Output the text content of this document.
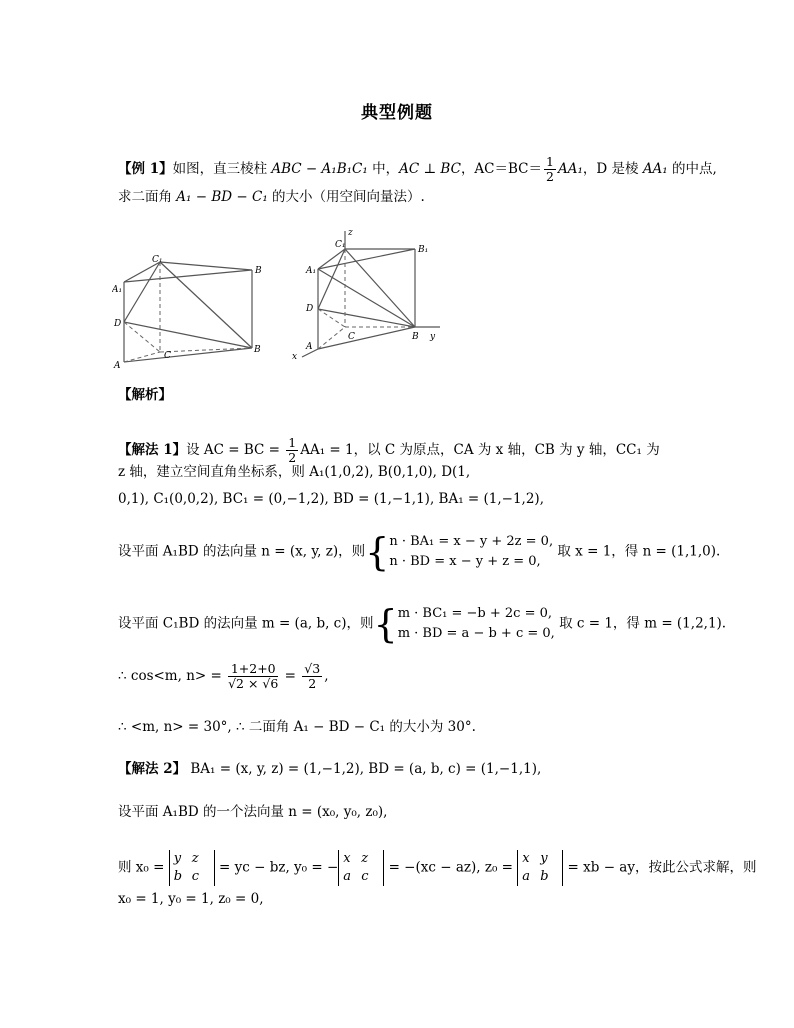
典型例题
【例 1】如图，直三棱柱 ABC − A₁B₁C₁ 中，AC ⊥ BC，$AC=BC= \frac{1}{2} AA_1$，D 是棱 AA₁ 的中点,
求二面角 A₁ − BD − C₁ 的大小（用空间向量法）.
C₁
B
A₁
D
C
A
B
C₁
z
B₁
A₁
D
C	B y
A
x
【解析】
【解法 1】设 AC = BC = $\frac{1}{2} AA_1 = 1$，以 C 为原点，CA 为 x 轴，CB 为 y 轴，CC₁ 为
z 轴，建立空间直角坐标系，则 A₁(1,0,2), B(0,1,0), D(1,
0,1), C₁(0,0,2), BC₁ = (0,−1,2), BD = (1,−1,1), BA₁ = (1,−1,2),
设平面 A₁BD 的法向量 n = (x, y, z)，则{ n · BA₁ = x − y + 2z = 0,
n · BD = x − y + z = 0,
取 x = 1，得 n = (1,1,0).
设平面 C₁BD 的法向量 m = (a, b, c)，则{ m · BC₁ = −b + 2c = 0,
m · BD = a − b + c = 0,
取 c = 1，得 m = (1,2,1).
∴ cos<m, $n> = \frac{1+2+0}{√2 \times √6} = \frac{√3}{2}$ ,
∴ <m, n> = 30°, ∴ 二面角 A₁ − BD − C₁ 的大小为 30°.
【解法 2】 BA₁ = (x, y, z) = (1,−1,2), BD = (a, b, c) = (1,−1,1),
设平面 A₁BD 的一个法向量 n = (x₀, y₀, z₀),
则 x₀ = y z
b c = yc − bz, y₀ = −x z
a c = −(xc − az), z₀ = x y
a b = xb − ay，按此公式求解，则
x₀ = 1, y₀ = 1, z₀ = 0,
